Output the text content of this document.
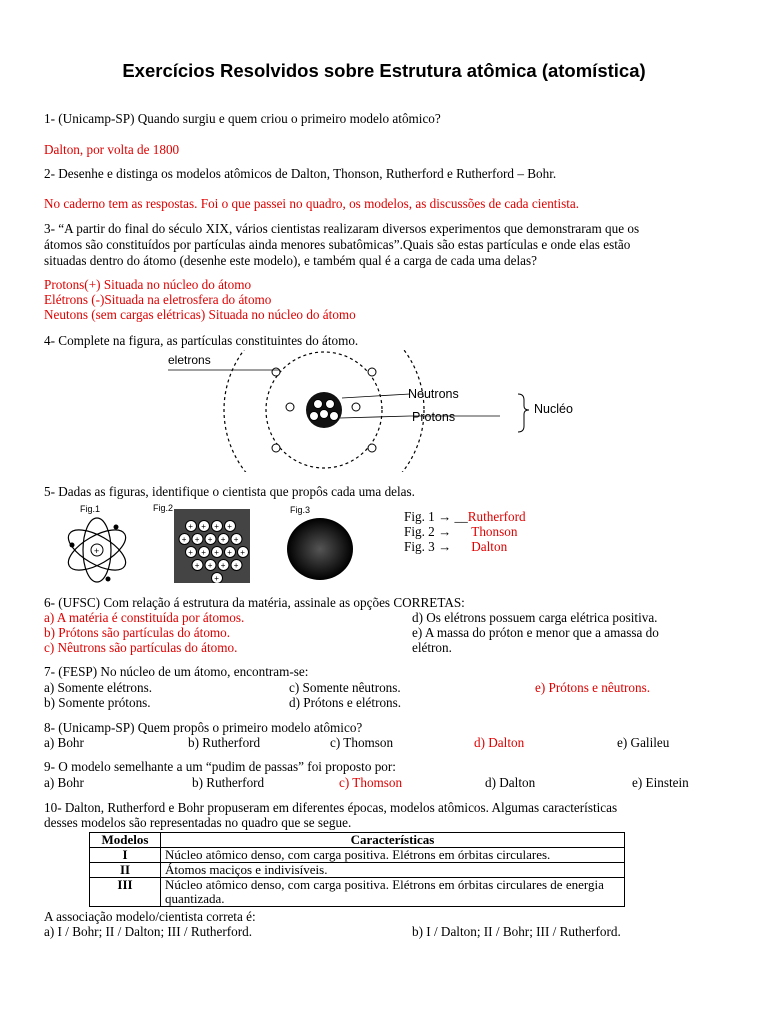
Exercícios Resolvidos sobre Estrutura atômica (atomística)
1- (Unicamp-SP) Quando surgiu e quem criou o primeiro modelo atômico?
Dalton, por volta de 1800
2- Desenhe e distinga os modelos atômicos de Dalton, Thonson, Rutherford e Rutherford – Bohr.
No caderno tem as respostas. Foi o que passei no quadro, os modelos, as discussões de cada cientista.
3- “A partir do final do século XIX, vários cientistas realizaram diversos experimentos que demonstraram que os
átomos são constituídos por partículas ainda menores subatômicas”.Quais são estas partículas e onde elas estão
situadas dentro do átomo (desenhe este modelo), e também qual é a carga de cada uma delas?
Protons(+) Situada no núcleo do átomo
Elétrons (-)Situada na eletrosfera do átomo
Neutons (sem cargas elétricas) Situada no núcleo do átomo
4- Complete na figura, as partículas constituintes do átomo.
eletrons
Neutrons
Protons
Nucléo
5- Dadas as figuras, identifique o cientista que propôs cada uma delas.
Fig.1	Fig.2	Fig.3
+
+ + + +
+ + + + +
+ + + + +
+ + + +
+
Fig. 1 → __Rutherford
Fig. 2 → Thonson
Fig. 3 → Dalton
6- (UFSC) Com relação á estrutura da matéria, assinale as opções CORRETAS:
a) A matéria é constituída por átomos.
b) Prótons são partículas do átomo.
c) Nêutrons são partículas do átomo.
d) Os elétrons possuem carga elétrica positiva.
e) A massa do próton e menor que a amassa do
elétron.
7- (FESP) No núcleo de um átomo, encontram-se:
a) Somente elétrons.
b) Somente prótons.
c) Somente nêutrons.
d) Prótons e elétrons.
e) Prótons e nêutrons.
8- (Unicamp-SP) Quem propôs o primeiro modelo atômico?
a) Bohr	b) Rutherford	c) Thomson	d) Dalton	e) Galileu
9- O modelo semelhante a um “pudim de passas” foi proposto por:
a) Bohr	b) Rutherford	c) Thomson	d) Dalton	e) Einstein
10- Dalton, Rutherford e Bohr propuseram em diferentes épocas, modelos atômicos. Algumas características
desses modelos são representadas no quadro que se segue.
Modelos	Características
I	Núcleo atômico denso, com carga positiva. Elétrons em órbitas circulares.
II	Átomos maciços e indivisíveis.
III	Núcleo atômico denso, com carga positiva. Elétrons em órbitas circulares de energia quantizada.
A associação modelo/cientista correta é:
a) I / Bohr; II / Dalton; III / Rutherford.	b) I / Dalton; II / Bohr; III / Rutherford.
